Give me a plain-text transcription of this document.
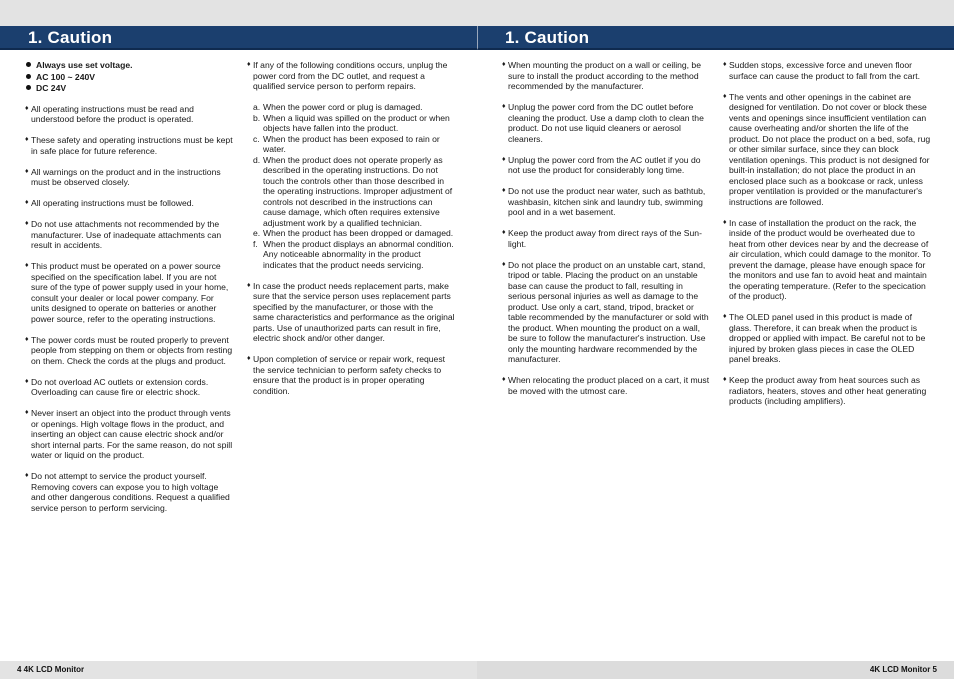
1. Caution	1. Caution
Always use set voltage.
AC 100 ~ 240V
DC 24V
♦ All operating instructions must be read and understood before the product is operated.
♦ These safety and operating instructions must be kept in safe place for future reference.
♦ All warnings on the product and in the instructions must be observed closely.
♦ All operating instructions must be followed.
♦ Do not use attachments not recommended by the manufacturer. Use of inadequate attachments can result in accidents.
♦ This product must be operated on a power source specified on the specification label. If you are not sure of the type of power supply used in your home, consult your dealer or local power company. For units designed to operate on batteries or another power source, refer to the operating instructions.
♦ The power cords must be routed properly to prevent people from stepping on them or objects from resting on them. Check the cords at the plugs and product.
♦ Do not overload AC outlets or extension cords. Overloading can cause fire or electric shock.
♦ Never insert an object into the product through vents or openings. High voltage flows in the product, and inserting an object can cause electric shock and/or short internal parts. For the same reason, do not spill water or liquid on the product.
♦ Do not attempt to service the product yourself. Removing covers can expose you to high voltage and other dangerous conditions. Request a qualified service person to perform servicing.
♦ If any of the following conditions occurs, unplug the power cord from the DC outlet, and request a qualified service person to perform repairs.
a. When the power cord or plug is damaged.
b. When a liquid was spilled on the product or when objects have fallen into the product.
c. When the product has been exposed to rain or water.
d. When the product does not operate properly as described in the operating instructions. Do not touch the controls other than those described in the operating instructions. Improper adjustment of controls not described in the instructions can cause damage, which often requires extensive adjustment work by a qualified technician.
e. When the product has been dropped or damaged.
f. When the product displays an abnormal condition. Any noticeable abnormality in the product indicates that the product needs servicing.
♦ In case the product needs replacement parts, make sure that the service person uses replacement parts specified by the manufacturer, or those with the same characteristics and performance as the original parts. Use of unauthorized parts can result in fire, electric shock and/or other danger.
♦ Upon completion of service or repair work, request the service technician to perform safety checks to ensure that the product is in proper operating condition.
♦ When mounting the product on a wall or ceiling, be sure to install the product according to the method recommended by the manufacturer.
♦ Unplug the power cord from the DC outlet before cleaning the product. Use a damp cloth to clean the product. Do not use liquid cleaners or aerosol cleaners.
♦ Unplug the power cord from the AC outlet if you do not use the product for considerably long time.
♦ Do not use the product near water, such as bathtub, washbasin, kitchen sink and laundry tub, swimming pool and in a wet basement.
♦ Keep the product away from direct rays of the Sun-light.
♦ Do not place the product on an unstable cart, stand, tripod or table. Placing the product on an unstable base can cause the product to fall, resulting in serious personal injuries as well as damage to the product. Use only a cart, stand, tripod, bracket or table recommended by the manufacturer or sold with the product. When mounting the product on a wall, be sure to follow the manufacturer's instruction. Use only the mounting hardware recommended by the manufacturer.
♦ When relocating the product placed on a cart, it must be moved with the utmost care.
♦ Sudden stops, excessive force and uneven floor surface can cause the product to fall from the cart.
♦ The vents and other openings in the cabinet are designed for ventilation. Do not cover or block these vents and openings since insufficient ventilation can cause overheating and/or shorten the life of the product. Do not place the product on a bed, sofa, rug or other similar surface, since they can block ventilation openings. This product is not designed for built-in installation; do not place the product in an enclosed place such as a bookcase or rack, unless proper ventilation is provided or the manufacturer's instructions are followed.
♦ In case of installation the product on the rack, the inside of the product would be overheated due to heat from other devices near by and the decrease of air circulation, which could damage to the monitor. To prevent the damage, please have enough space for the monitors and use fan to avoid heat and maintain the operating temperature. (Refer to the specication of the product).
♦ The OLED panel used in this product is made of glass. Therefore, it can break when the product is dropped or applied with impact. Be careful not to be injured by broken glass pieces in case the OLED panel breaks.
♦ Keep the product away from heat sources such as radiators, heaters, stoves and other heat generating products (including amplifiers).
4 4K LCD Monitor	4K LCD Monitor 5
